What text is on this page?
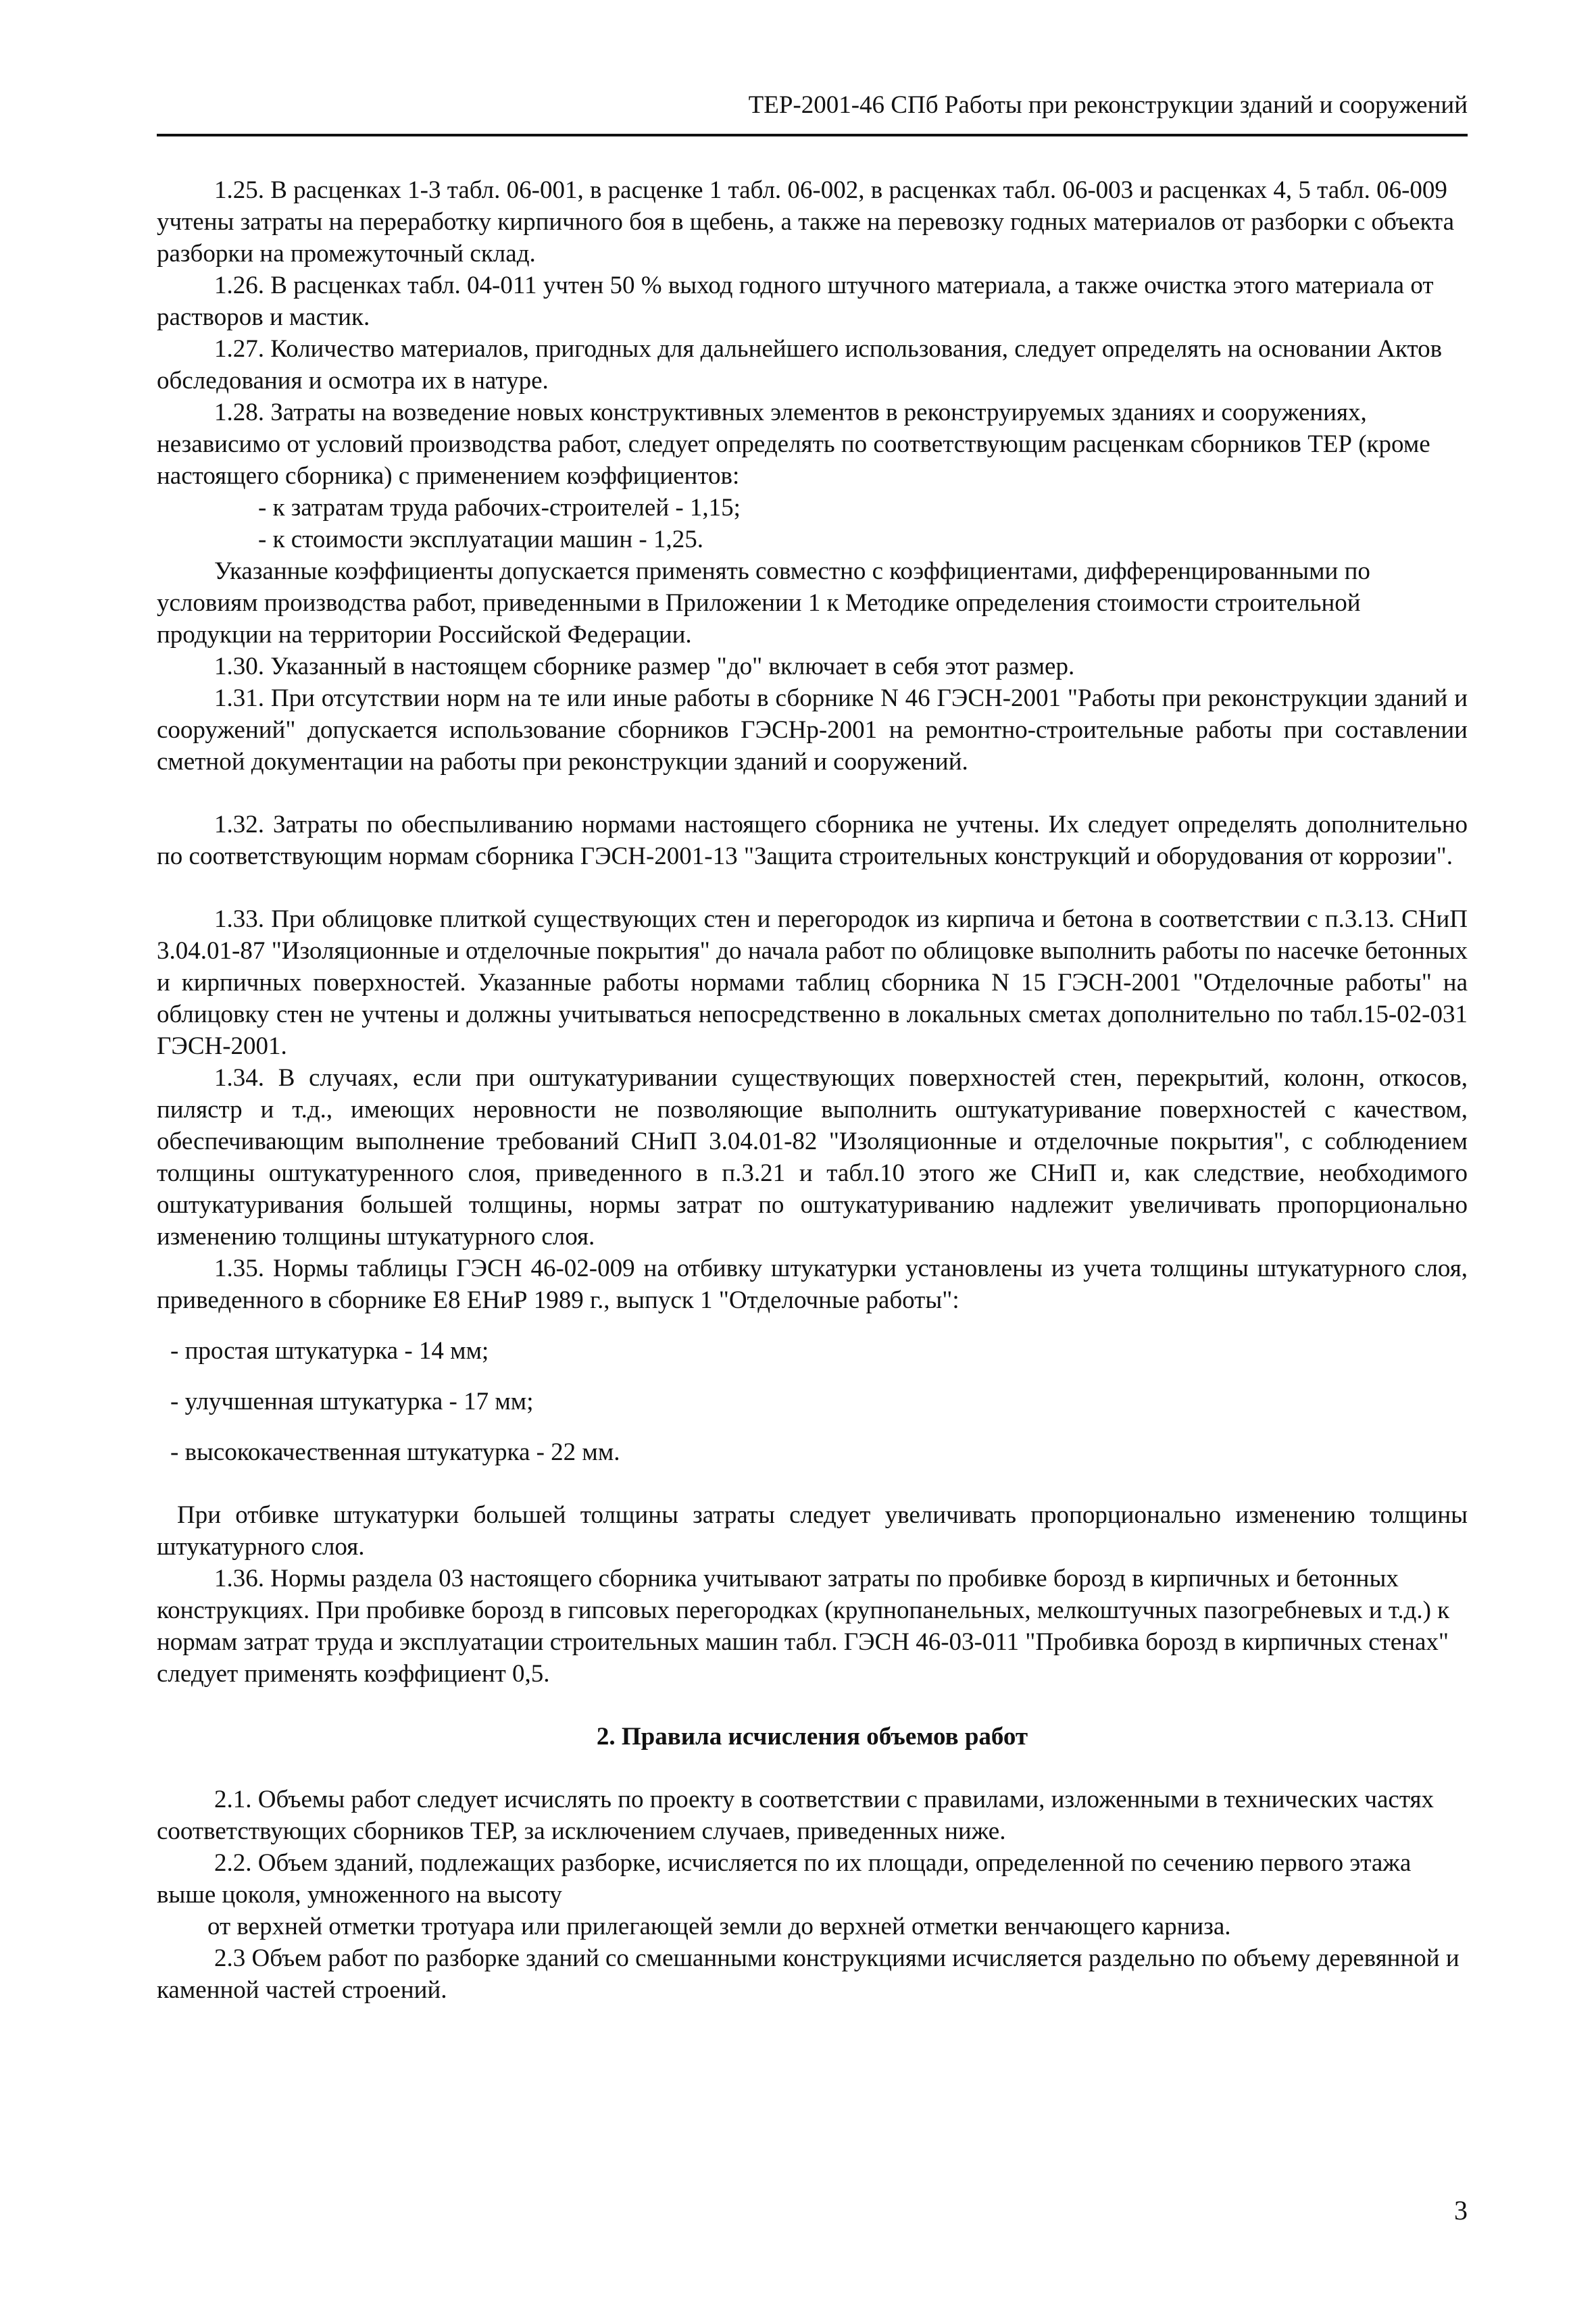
ТЕР-2001-46 СПб Работы при реконструкции зданий и сооружений

1.25. В расценках 1-3 табл. 06-001, в расценке 1 табл. 06-002, в расценках табл. 06-003 и расценках 4, 5 табл. 06-009 учтены затраты на переработку кирпичного боя в щебень, а также на перевозку годных материалов от разборки с объекта разборки на промежуточный склад.

1.26. В расценках табл. 04-011 учтен 50 % выход годного штучного материала, а также очистка этого материала от растворов и мастик.

1.27. Количество материалов, пригодных для дальнейшего использования, следует определять на основании Актов обследования и осмотра их в натуре.

1.28. Затраты на возведение новых конструктивных элементов в реконструируемых зданиях и сооружениях, независимо от условий производства работ, следует определять по соответствующим расценкам сборников ТЕР (кроме настоящего сборника) с применением коэффициентов:

- к затратам труда рабочих-строителей - 1,15;

- к стоимости эксплуатации машин - 1,25.

Указанные коэффициенты допускается применять совместно с коэффициентами, дифференцированными по условиям производства работ, приведенными в Приложении 1 к Методике определения стоимости строительной продукции на территории Российской Федерации.

1.30. Указанный в настоящем сборнике размер "до" включает в себя этот размер.

1.31. При отсутствии норм на те или иные работы в сборнике N 46 ГЭСН-2001 "Работы при реконструкции зданий и сооружений" допускается использование сборников ГЭСНр-2001 на ремонтно-строительные работы при составлении сметной документации на работы при реконструкции зданий и сооружений.

1.32. Затраты по обеспыливанию нормами настоящего сборника не учтены. Их следует определять дополнительно по соответствующим нормам сборника ГЭСН-2001-13 "Защита строительных конструкций и оборудования от коррозии".

1.33. При облицовке плиткой существующих стен и перегородок из кирпича и бетона в соответствии с п.3.13. СНиП 3.04.01-87 "Изоляционные и отделочные покрытия" до начала работ по облицовке выполнить работы по насечке бетонных и кирпичных поверхностей. Указанные работы нормами таблиц сборника N 15 ГЭСН-2001 "Отделочные работы" на облицовку стен не учтены и должны учитываться непосредственно в локальных сметах дополнительно по табл.15-02-031 ГЭСН-2001.

1.34. В случаях, если при оштукатуривании существующих поверхностей стен, перекрытий, колонн, откосов, пилястр и т.д., имеющих неровности не позволяющие выполнить оштукатуривание поверхностей с качеством, обеспечивающим выполнение требований СНиП 3.04.01-82 "Изоляционные и отделочные покрытия", с соблюдением толщины оштукатуренного слоя, приведенного в п.3.21 и табл.10 этого же СНиП и, как следствие, необходимого оштукатуривания большей толщины, нормы затрат по оштукатуриванию надлежит увеличивать пропорционально изменению толщины штукатурного слоя.

1.35. Нормы таблицы ГЭСН 46-02-009 на отбивку штукатурки установлены из учета толщины штукатурного слоя, приведенного в сборнике Е8 ЕНиР 1989 г., выпуск 1 "Отделочные работы":

- простая штукатурка - 14 мм;

- улучшенная штукатурка - 17 мм;

- высококачественная штукатурка - 22 мм.

При отбивке штукатурки большей толщины затраты следует увеличивать пропорционально изменению толщины штукатурного слоя.

1.36. Нормы раздела 03 настоящего сборника учитывают затраты по пробивке борозд в кирпичных и бетонных конструкциях. При пробивке борозд в гипсовых перегородках (крупнопанельных, мелкоштучных пазогребневых и т.д.) к нормам затрат труда и эксплуатации строительных машин табл. ГЭСН 46-03-011 "Пробивка борозд в кирпичных стенах" следует применять коэффициент 0,5.

2. Правила исчисления объемов работ

2.1. Объемы работ следует исчислять по проекту в соответствии с правилами, изложенными в технических частях соответствующих сборников ТЕР, за исключением случаев, приведенных ниже.

2.2. Объем зданий, подлежащих разборке, исчисляется по их площади, определенной по сечению первого этажа выше цоколя, умноженного на высоту

от верхней отметки тротуара или прилегающей земли до верхней отметки венчающего карниза.

2.3 Объем работ по разборке зданий со смешанными конструкциями исчисляется раздельно по объему деревянной и каменной частей строений.

3
